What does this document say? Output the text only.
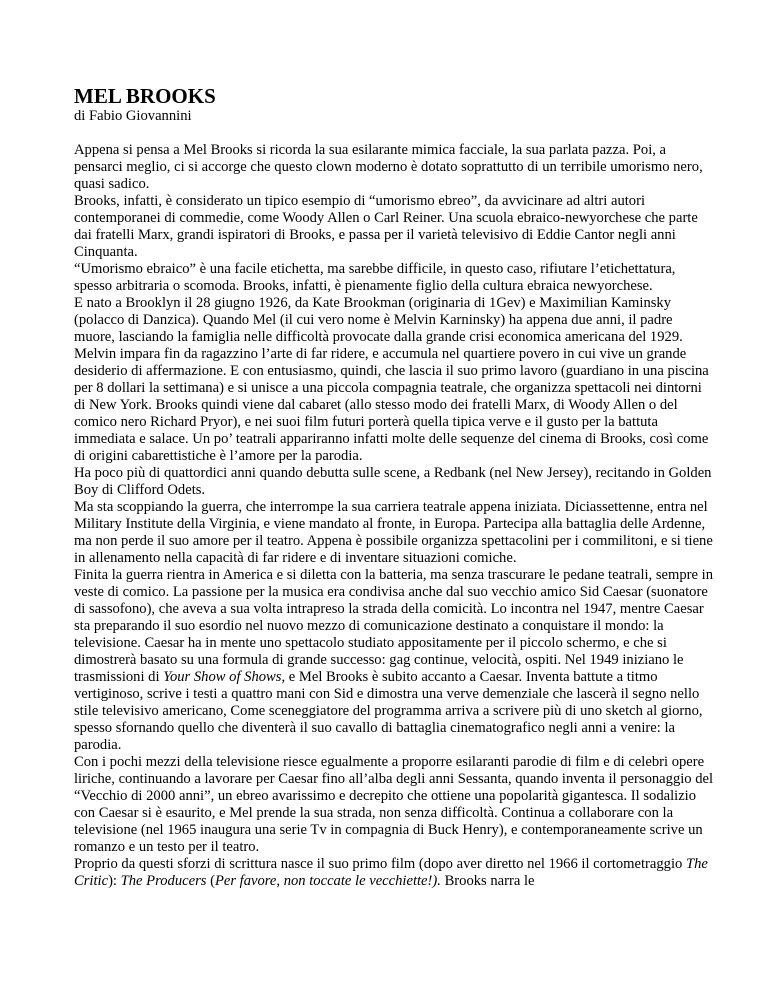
MEL BROOKS
di Fabio Giovannini

Appena si pensa a Mel Brooks si ricorda la sua esilarante mimica facciale, la sua parlata pazza. Poi, a pensarci meglio, ci si accorge che questo clown moderno è dotato soprattutto di un terribile umorismo nero, quasi sadico.

Brooks, infatti, è considerato un tipico esempio di “umorismo ebreo”, da avvicinare ad altri autori contemporanei di commedie, come Woody Allen o Carl Reiner. Una scuola ebraico-newyorchese che parte dai fratelli Marx, grandi ispiratori di Brooks, e passa per il varietà televisivo di Eddie Cantor negli anni Cinquanta.

“Umorismo ebraico” è una facile etichetta, ma sarebbe difficile, in questo caso, rifiutare l’etichettatura, spesso arbitraria o scomoda. Brooks, infatti, è pienamente figlio della cultura ebraica newyorchese.

E nato a Brooklyn il 28 giugno 1926, da Kate Brookman (originaria di 1Gev) e Maximilian Kaminsky (polacco di Danzica). Quando Mel (il cui vero nome è Melvin Karninsky) ha appena due anni, il padre muore, lasciando la famiglia nelle difficoltà provocate dalla grande crisi economica americana del 1929.

Melvin impara fin da ragazzino l’arte di far ridere, e accumula nel quartiere povero in cui vive un grande desiderio di affermazione. E con entusiasmo, quindi, che lascia il suo primo lavoro (guardiano in una piscina per 8 dollari la settimana) e si unisce a una piccola compagnia teatrale, che organizza spettacoli nei dintorni di New York. Brooks quindi viene dal cabaret (allo stesso modo dei fratelli Marx, di Woody Allen o del comico nero Richard Pryor), e nei suoi film futuri porterà quella tipica verve e il gusto per la battuta immediata e salace. Un po’ teatrali appariranno infatti molte delle sequenze del cinema di Brooks, così come di origini cabarettistiche è l’amore per la parodia.

Ha poco più di quattordici anni quando debutta sulle scene, a Redbank (nel New Jersey), recitando in Golden Boy di Clifford Odets.

Ma sta scoppiando la guerra, che interrompe la sua carriera teatrale appena iniziata. Diciassettenne, entra nel Military Institute della Virginia, e viene mandato al fronte, in Europa. Partecipa alla battaglia delle Ardenne, ma non perde il suo amore per il teatro. Appena è possibile organizza spettacolini per i commilitoni, e si tiene in allenamento nella capacità di far ridere e di inventare situazioni comiche.

Finita la guerra rientra in America e si diletta con la batteria, ma senza trascurare le pedane teatrali, sempre in veste di comico. La passione per la musica era condivisa anche dal suo vecchio amico Sid Caesar (suonatore di sassofono), che aveva a sua volta intrapreso la strada della comicità. Lo incontra nel 1947, mentre Caesar sta preparando il suo esordio nel nuovo mezzo di comunicazione destinato a conquistare il mondo: la televisione. Caesar ha in mente uno spettacolo studiato appositamente per il piccolo schermo, e che si dimostrerà basato su una formula di grande successo: gag continue, velocità, ospiti. Nel 1949 iniziano le trasmissioni di Your Show of Shows, e Mel Brooks è subito accanto a Caesar. Inventa battute a titmo vertiginoso, scrive i testi a quattro mani con Sid e dimostra una verve demenziale che lascerà il segno nello stile televisivo americano, Come sceneggiatore del programma arriva a scrivere più di uno sketch al giorno, spesso sfornando quello che diventerà il suo cavallo di battaglia cinematografico negli anni a venire: la parodia.

Con i pochi mezzi della televisione riesce egualmente a proporre esilaranti parodie di film e di celebri opere liriche, continuando a lavorare per Caesar fino all’alba degli anni Sessanta, quando inventa il personaggio del “Vecchio di 2000 anni”, un ebreo avarissimo e decrepito che ottiene una popolarità gigantesca. Il sodalizio con Caesar si è esaurito, e Mel prende la sua strada, non senza difficoltà. Continua a collaborare con la televisione (nel 1965 inaugura una serie Tv in compagnia di Buck Henry), e contemporaneamente scrive un romanzo e un testo per il teatro.

Proprio da questi sforzi di scrittura nasce il suo primo film (dopo aver diretto nel 1966 il cortometraggio The Critic): The Producers (Per favore, non toccate le vecchiette!). Brooks narra le
